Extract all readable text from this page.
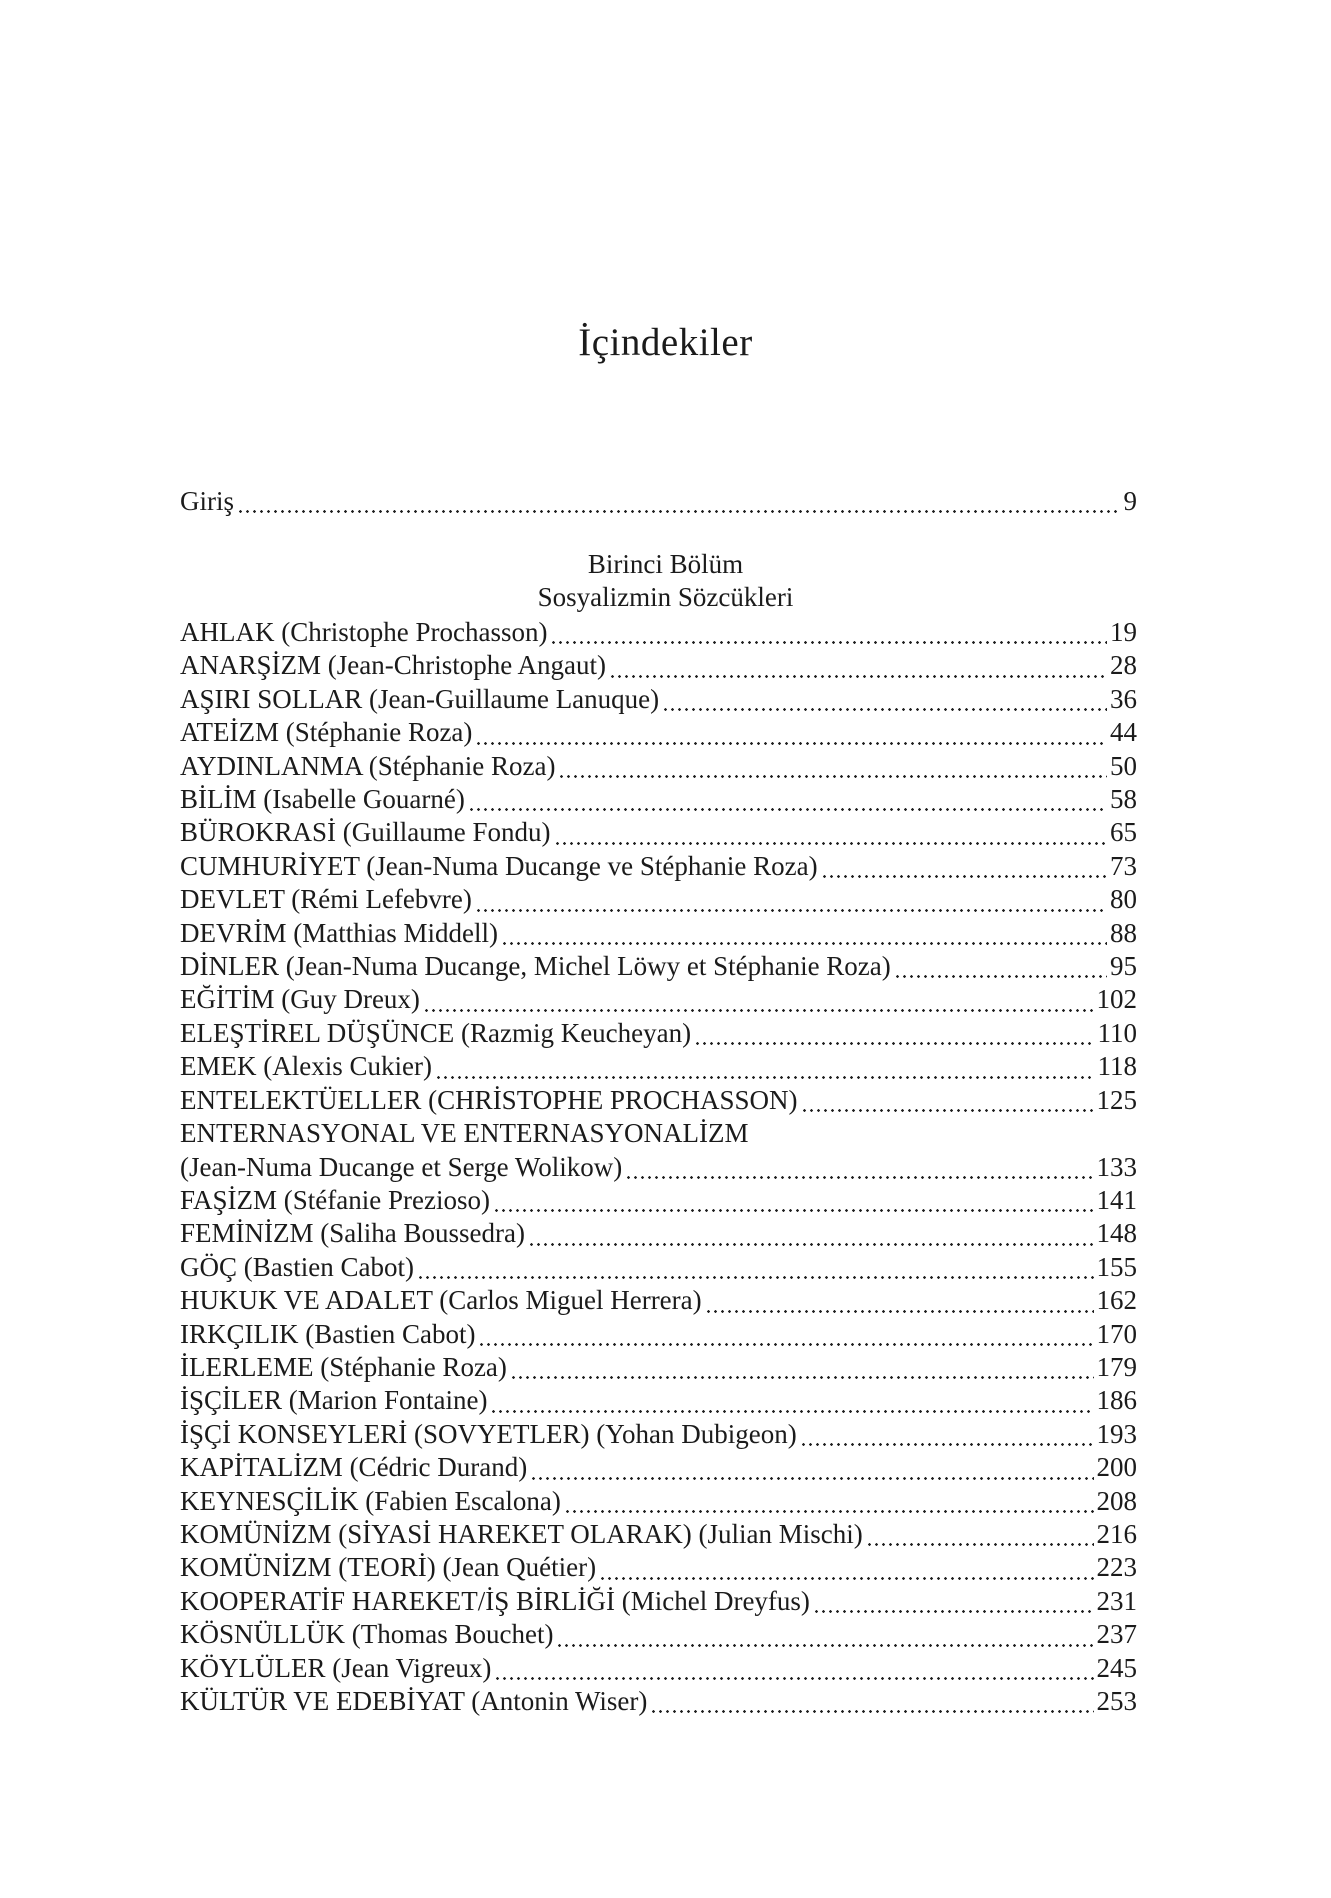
İçindekiler
Giriş	9
Birinci Bölüm
Sosyalizmin Sözcükleri
AHLAK (Christophe Prochasson)	19
ANARŞİZM (Jean-Christophe Angaut)	28
AŞIRI SOLLAR (Jean-Guillaume Lanuque)	36
ATEİZM (Stéphanie Roza)	44
AYDINLANMA (Stéphanie Roza)	50
BİLİM (Isabelle Gouarné)	58
BÜROKRASİ (Guillaume Fondu)	65
CUMHURİYET (Jean-Numa Ducange ve Stéphanie Roza)	73
DEVLET (Rémi Lefebvre)	80
DEVRİM (Matthias Middell)	88
DİNLER (Jean-Numa Ducange, Michel Löwy et Stéphanie Roza)	95
EĞİTİM (Guy Dreux)	102
ELEŞTİREL DÜŞÜNCE (Razmig Keucheyan)	110
EMEK (Alexis Cukier)	118
ENTELEKTÜELLER (CHRİSTOPHE PROCHASSON)	125
ENTERNASYONAL VE ENTERNASYONALİZM
(Jean-Numa Ducange et Serge Wolikow)	133
FAŞİZM (Stéfanie Prezioso)	141
FEMİNİZM (Saliha Boussedra)	148
GÖÇ (Bastien Cabot)	155
HUKUK VE ADALET (Carlos Miguel Herrera)	162
IRKÇILIK (Bastien Cabot)	170
İLERLEME (Stéphanie Roza)	179
İŞÇİLER (Marion Fontaine)	186
İŞÇİ KONSEYLERİ (SOVYETLER) (Yohan Dubigeon)	193
KAPİTALİZM (Cédric Durand)	200
KEYNESÇİLİK (Fabien Escalona)	208
KOMÜNİZM (SİYASİ HAREKET OLARAK) (Julian Mischi)	216
KOMÜNİZM (TEORİ) (Jean Quétier)	223
KOOPERATİF HAREKET/İŞ BİRLİĞİ (Michel Dreyfus)	231
KÖSNÜLLÜK (Thomas Bouchet)	237
KÖYLÜLER (Jean Vigreux)	245
KÜLTÜR VE EDEBİYAT (Antonin Wiser)	253
